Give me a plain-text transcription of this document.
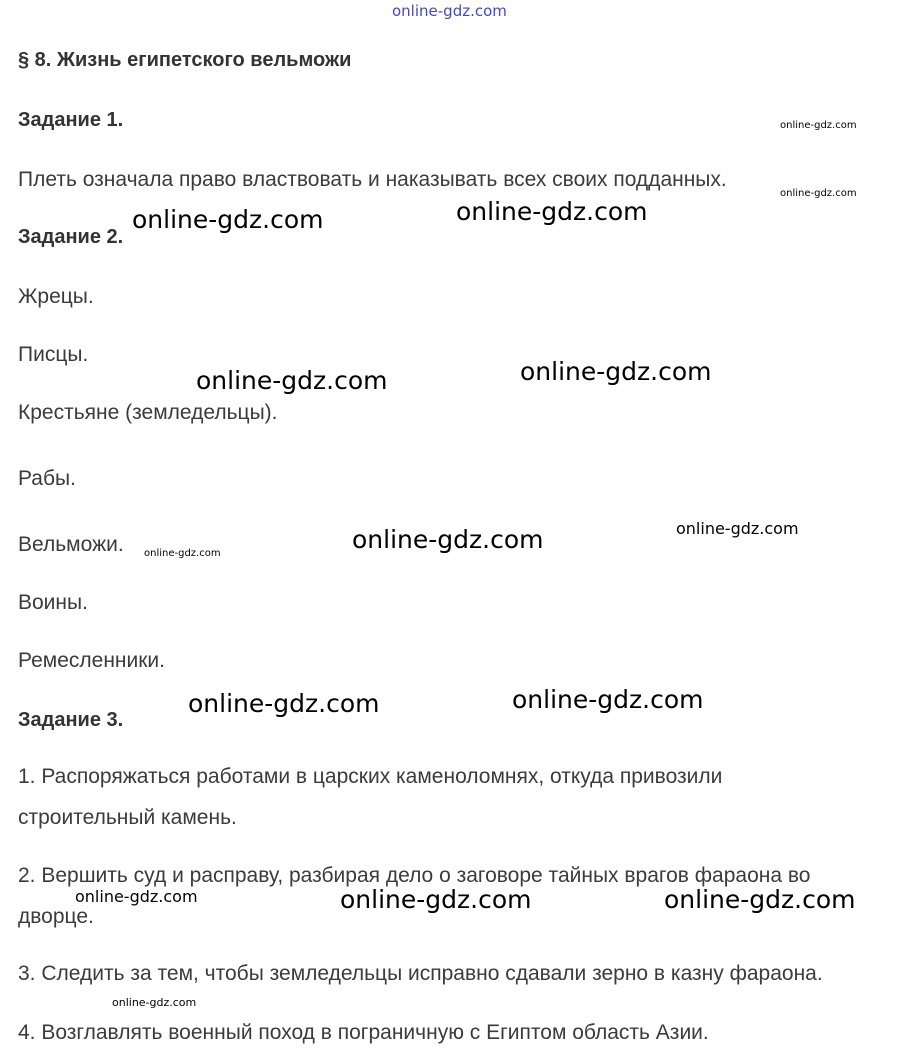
online-gdz.com
§ 8. Жизнь египетского вельможи
Задание 1.
Плеть означала право властвовать и наказывать всех своих подданных.
Задание 2.
Жрецы.
Писцы.
Крестьяне (земледельцы).
Рабы.
Вельможи.
Воины.
Ремесленники.
Задание 3.
1. Распоряжаться работами в царских каменоломнях, откуда привозили
строительный камень.
2. Вершить суд и расправу, разбирая дело о заговоре тайных врагов фараона во
дворце.
3. Следить за тем, чтобы земледельцы исправно сдавали зерно в казну фараона.
4. Возглавлять военный поход в пограничную с Египтом область Азии.
online-gdz.com
online-gdz.com
online-gdz.com	online-gdz.com
online-gdz.com	online-gdz.com
online-gdz.com
online-gdz.com	online-gdz.com
online-gdz.com	online-gdz.com
online-gdz.com	online-gdz.com	online-gdz.com
online-gdz.com
